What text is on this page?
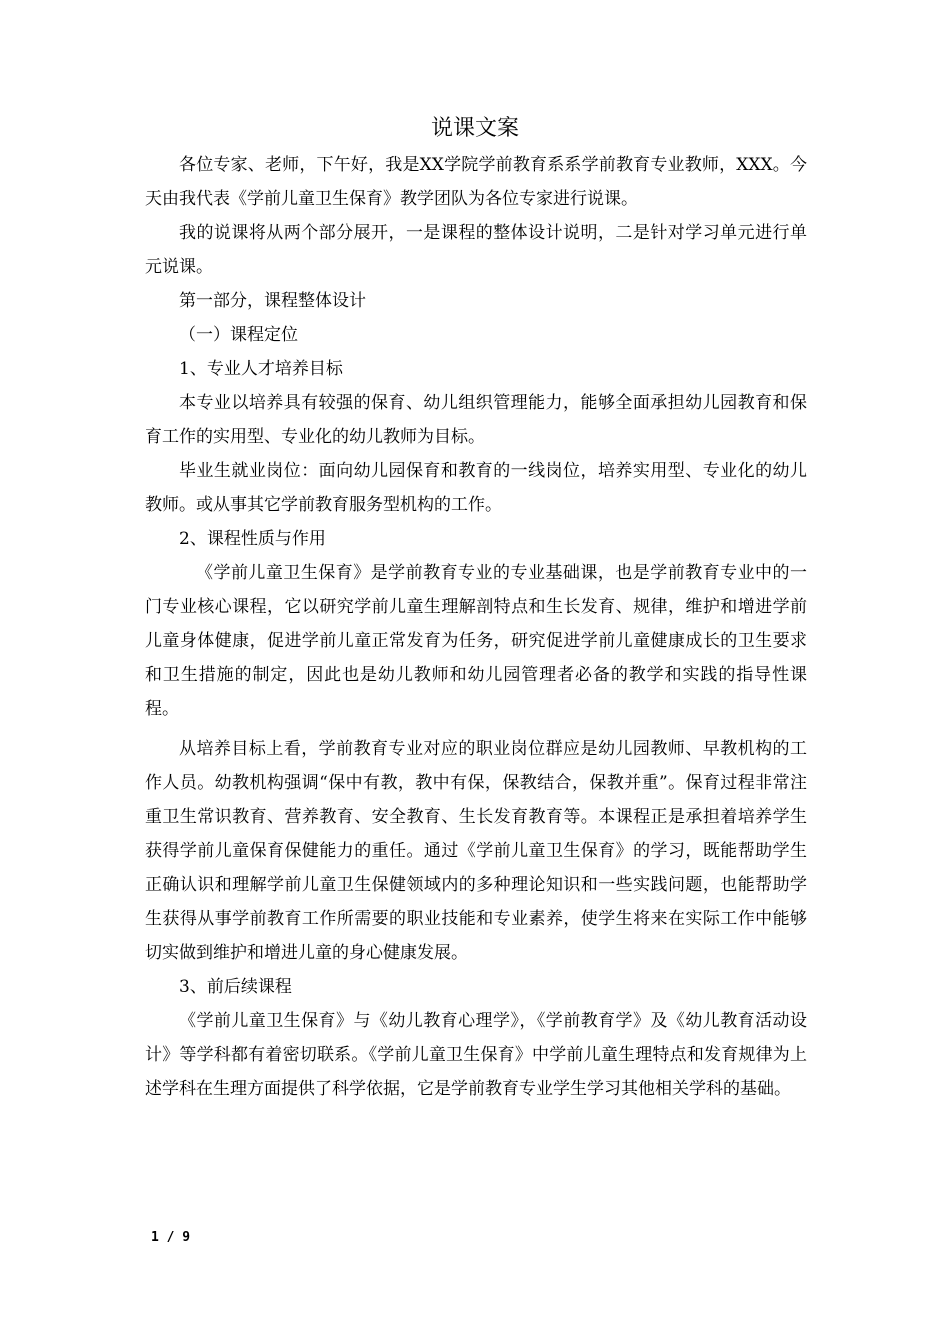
说课文案

各位专家、老师，下午好，我是XX学院学前教育系系学前教育专业教师，XXX。今天由我代表《学前儿童卫生保育》教学团队为各位专家进行说课。

我的说课将从两个部分展开，一是课程的整体设计说明，二是针对学习单元进行单元说课。

第一部分，课程整体设计

（一）课程定位

1、专业人才培养目标

本专业以培养具有较强的保育、幼儿组织管理能力，能够全面承担幼儿园教育和保育工作的实用型、专业化的幼儿教师为目标。

毕业生就业岗位：面向幼儿园保育和教育的一线岗位，培养实用型、专业化的幼儿教师。或从事其它学前教育服务型机构的工作。

2、课程性质与作用

《学前儿童卫生保育》是学前教育专业的专业基础课，也是学前教育专业中的一门专业核心课程，它以研究学前儿童生理解剖特点和生长发育、规律，维护和增进学前儿童身体健康，促进学前儿童正常发育为任务，研究促进学前儿童健康成长的卫生要求和卫生措施的制定，因此也是幼儿教师和幼儿园管理者必备的教学和实践的指导性课程。

从培养目标上看，学前教育专业对应的职业岗位群应是幼儿园教师、早教机构的工作人员。幼教机构强调“保中有教，教中有保，保教结合，保教并重”。保育过程非常注重卫生常识教育、营养教育、安全教育、生长发育教育等。本课程正是承担着培养学生获得学前儿童保育保健能力的重任。通过《学前儿童卫生保育》的学习，既能帮助学生正确认识和理解学前儿童卫生保健领域内的多种理论知识和一些实践问题，也能帮助学生获得从事学前教育工作所需要的职业技能和专业素养，使学生将来在实际工作中能够切实做到维护和增进儿童的身心健康发展。

3、前后续课程

《学前儿童卫生保育》与《幼儿教育心理学》，《学前教育学》及《幼儿教育活动设计》等学科都有着密切联系。《学前儿童卫生保育》中学前儿童生理特点和发育规律为上述学科在生理方面提供了科学依据，它是学前教育专业学生学习其他相关学科的基础。

1 / 9
